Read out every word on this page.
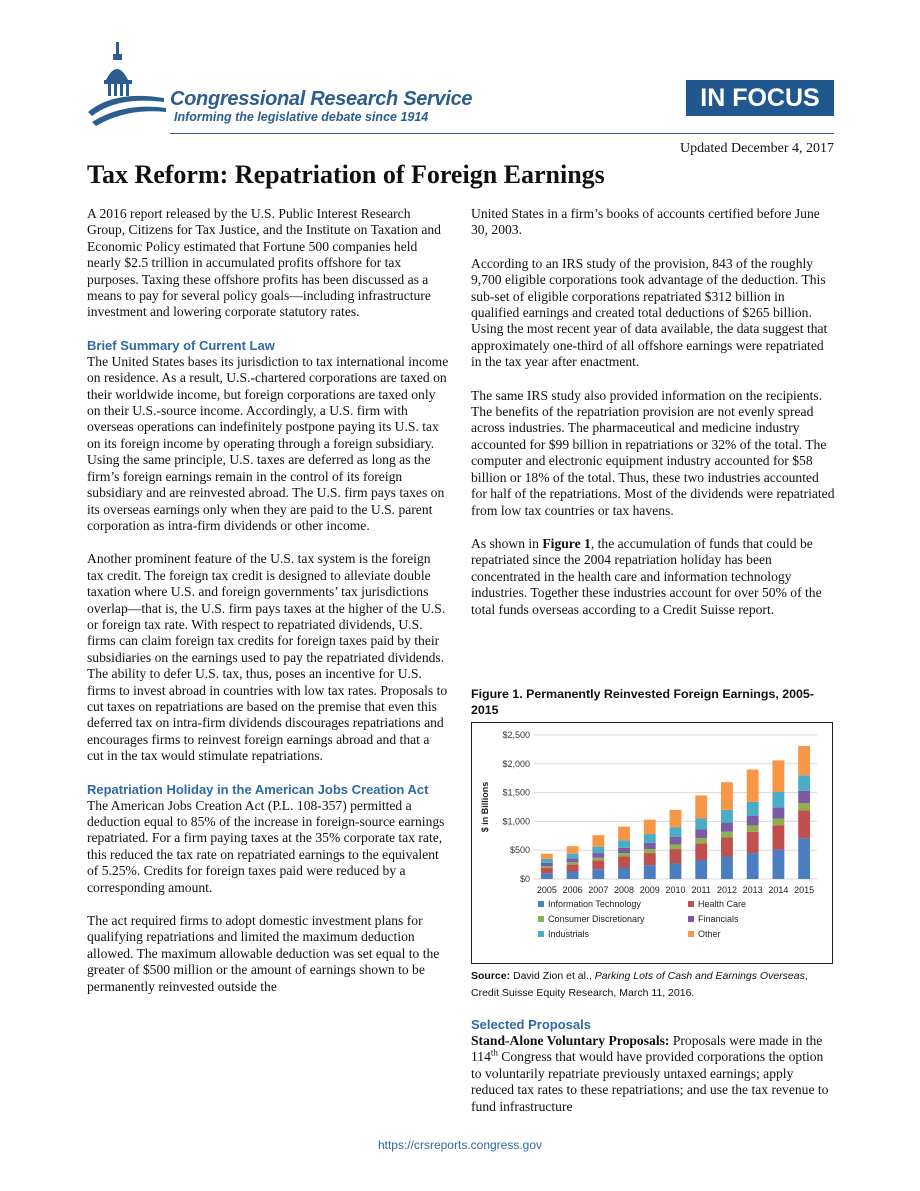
Congressional Research Service
Informing the legislative debate since 1914
IN FOCUS
Updated December 4, 2017
Tax Reform: Repatriation of Foreign Earnings

A 2016 report released by the U.S. Public Interest Research Group, Citizens for Tax Justice, and the Institute on Taxation and Economic Policy estimated that Fortune 500 companies held nearly $2.5 trillion in accumulated profits offshore for tax purposes. Taxing these offshore profits has been discussed as a means to pay for several policy goals—including infrastructure investment and lowering corporate statutory rates.

Brief Summary of Current Law

The United States bases its jurisdiction to tax international income on residence. As a result, U.S.-chartered corporations are taxed on their worldwide income, but foreign corporations are taxed only on their U.S.-source income. Accordingly, a U.S. firm with overseas operations can indefinitely postpone paying its U.S. tax on its foreign income by operating through a foreign subsidiary. Using the same principle, U.S. taxes are deferred as long as the firm’s foreign earnings remain in the control of its foreign subsidiary and are reinvested abroad. The U.S. firm pays taxes on its overseas earnings only when they are paid to the U.S. parent corporation as intra-firm dividends or other income.

Another prominent feature of the U.S. tax system is the foreign tax credit. The foreign tax credit is designed to alleviate double taxation where U.S. and foreign governments’ tax jurisdictions overlap—that is, the U.S. firm pays taxes at the higher of the U.S. or foreign tax rate. With respect to repatriated dividends, U.S. firms can claim foreign tax credits for foreign taxes paid by their subsidiaries on the earnings used to pay the repatriated dividends. The ability to defer U.S. tax, thus, poses an incentive for U.S. firms to invest abroad in countries with low tax rates. Proposals to cut taxes on repatriations are based on the premise that even this deferred tax on intra-firm dividends discourages repatriations and encourages firms to reinvest foreign earnings abroad and that a cut in the tax would stimulate repatriations.

Repatriation Holiday in the American Jobs Creation Act

The American Jobs Creation Act (P.L. 108-357) permitted a deduction equal to 85% of the increase in foreign-source earnings repatriated. For a firm paying taxes at the 35% corporate tax rate, this reduced the tax rate on repatriated earnings to the equivalent of 5.25%. Credits for foreign taxes paid were reduced by a corresponding amount.

The act required firms to adopt domestic investment plans for qualifying repatriations and limited the maximum deduction allowed. The maximum allowable deduction was set equal to the greater of $500 million or the amount of earnings shown to be permanently reinvested outside the

United States in a firm’s books of accounts certified before June 30, 2003.

According to an IRS study of the provision, 843 of the roughly 9,700 eligible corporations took advantage of the deduction. This sub-set of eligible corporations repatriated $312 billion in qualified earnings and created total deductions of $265 billion. Using the most recent year of data available, the data suggest that approximately one-third of all offshore earnings were repatriated in the tax year after enactment.

The same IRS study also provided information on the recipients. The benefits of the repatriation provision are not evenly spread across industries. The pharmaceutical and medicine industry accounted for $99 billion in repatriations or 32% of the total. The computer and electronic equipment industry accounted for $58 billion or 18% of the total. Thus, these two industries accounted for half of the repatriations. Most of the dividends were repatriated from low tax countries or tax havens.

As shown in Figure 1, the accumulation of funds that could be repatriated since the 2004 repatriation holiday has been concentrated in the health care and information technology industries. Together these industries account for over 50% of the total funds overseas according to a Credit Suisse report.

Figure 1. Permanently Reinvested Foreign Earnings, 2005-2015
$0
$500
$1,000
$1,500
$2,000
$2,500
$ in Billions
2005 2006 2007 2008 2009 2010 2011 2012 2013 2014 2015
Information Technology	Health Care
Consumer Discretionary	Financials
Industrials	Other
Source: David Zion et al., Parking Lots of Cash and Earnings Overseas, Credit Suisse Equity Research, March 11, 2016.
Selected Proposals

Stand-Alone Voluntary Proposals: Proposals were made in the 114th Congress that would have provided corporations the option to voluntarily repatriate previously untaxed earnings; apply reduced tax rates to these repatriations; and use the tax revenue to fund infrastructure

https://crsreports.congress.gov
